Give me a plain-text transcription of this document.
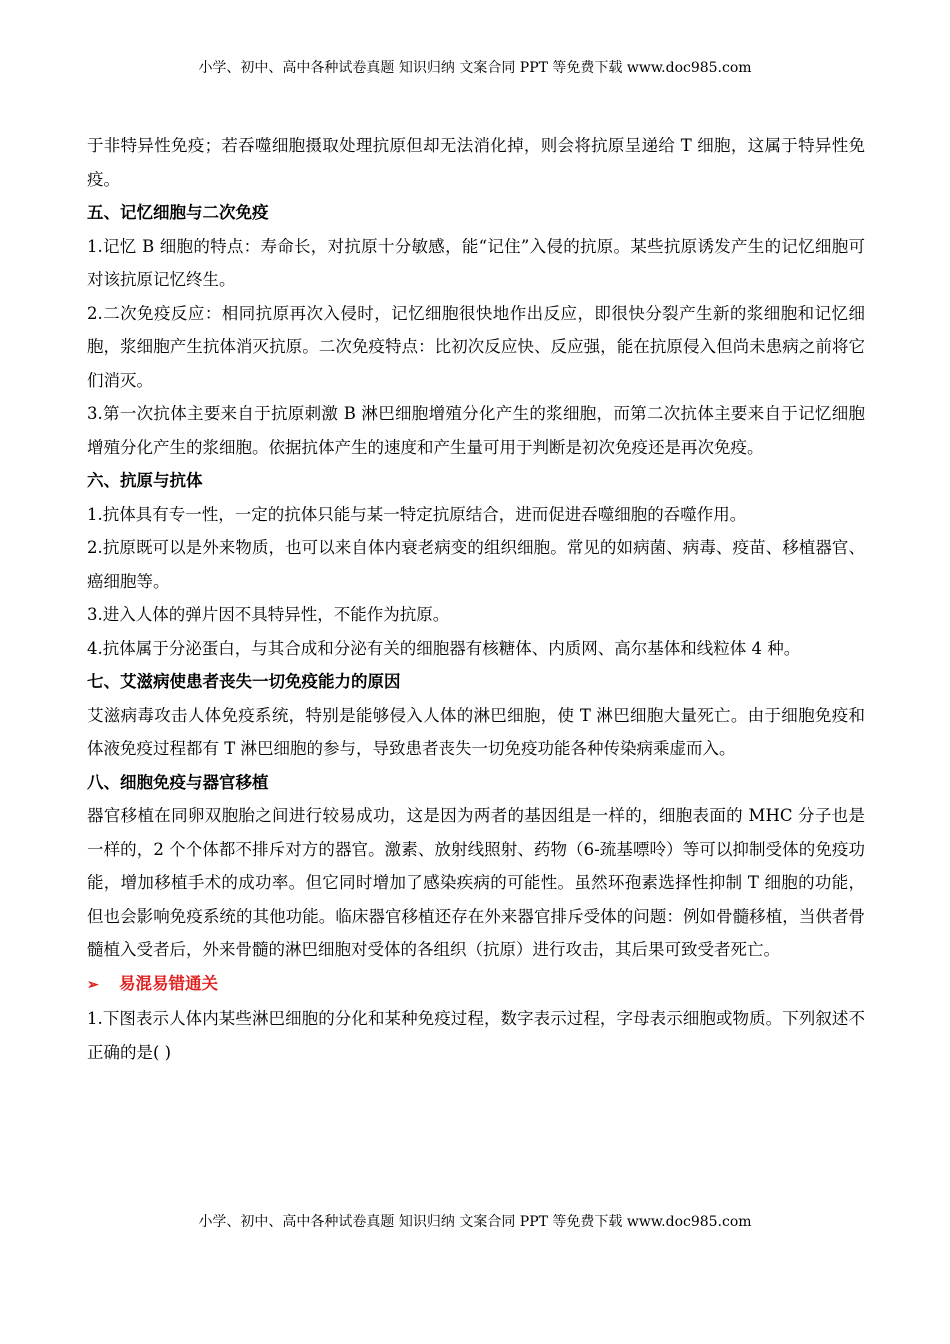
小学、初中、高中各种试卷真题 知识归纳 文案合同 PPT 等免费下载 www.doc985.com

于非特异性免疫；若吞噬细胞摄取处理抗原但却无法消化掉，则会将抗原呈递给 T 细胞，这属于特异性免疫。

五、记忆细胞与二次免疫

1.记忆 B 细胞的特点：寿命长，对抗原十分敏感，能“记住”入侵的抗原。某些抗原诱发产生的记忆细胞可对该抗原记忆终生。

2.二次免疫反应：相同抗原再次入侵时，记忆细胞很快地作出反应，即很快分裂产生新的浆细胞和记忆细胞，浆细胞产生抗体消灭抗原。二次免疫特点：比初次反应快、反应强，能在抗原侵入但尚未患病之前将它们消灭。

3.第一次抗体主要来自于抗原刺激 B 淋巴细胞增殖分化产生的浆细胞，而第二次抗体主要来自于记忆细胞增殖分化产生的浆细胞。依据抗体产生的速度和产生量可用于判断是初次免疫还是再次免疫。

六、抗原与抗体

1.抗体具有专一性，一定的抗体只能与某一特定抗原结合，进而促进吞噬细胞的吞噬作用。

2.抗原既可以是外来物质，也可以来自体内衰老病变的组织细胞。常见的如病菌、病毒、疫苗、移植器官、癌细胞等。

3.进入人体的弹片因不具特异性，不能作为抗原。

4.抗体属于分泌蛋白，与其合成和分泌有关的细胞器有核糖体、内质网、高尔基体和线粒体 4 种。

七、艾滋病使患者丧失一切免疫能力的原因

艾滋病毒攻击人体免疫系统，特别是能够侵入人体的淋巴细胞，使 T 淋巴细胞大量死亡。由于细胞免疫和体液免疫过程都有 T 淋巴细胞的参与，导致患者丧失一切免疫功能各种传染病乘虚而入。

八、细胞免疫与器官移植

器官移植在同卵双胞胎之间进行较易成功，这是因为两者的基因组是一样的，细胞表面的 MHC 分子也是一样的，2 个个体都不排斥对方的器官。激素、放射线照射、药物（6-巯基嘌呤）等可以抑制受体的免疫功能，增加移植手术的成功率。但它同时增加了感染疾病的可能性。虽然环孢素选择性抑制 T 细胞的功能，但也会影响免疫系统的其他功能。临床器官移植还存在外来器官排斥受体的问题：例如骨髓移植，当供者骨髓植入受者后，外来骨髓的淋巴细胞对受体的各组织（抗原）进行攻击，其后果可致受者死亡。

➢ 易混易错通关

1.下图表示人体内某些淋巴细胞的分化和某种免疫过程，数字表示过程，字母表示细胞或物质。下列叙述不正确的是( )

小学、初中、高中各种试卷真题 知识归纳 文案合同 PPT 等免费下载 www.doc985.com
